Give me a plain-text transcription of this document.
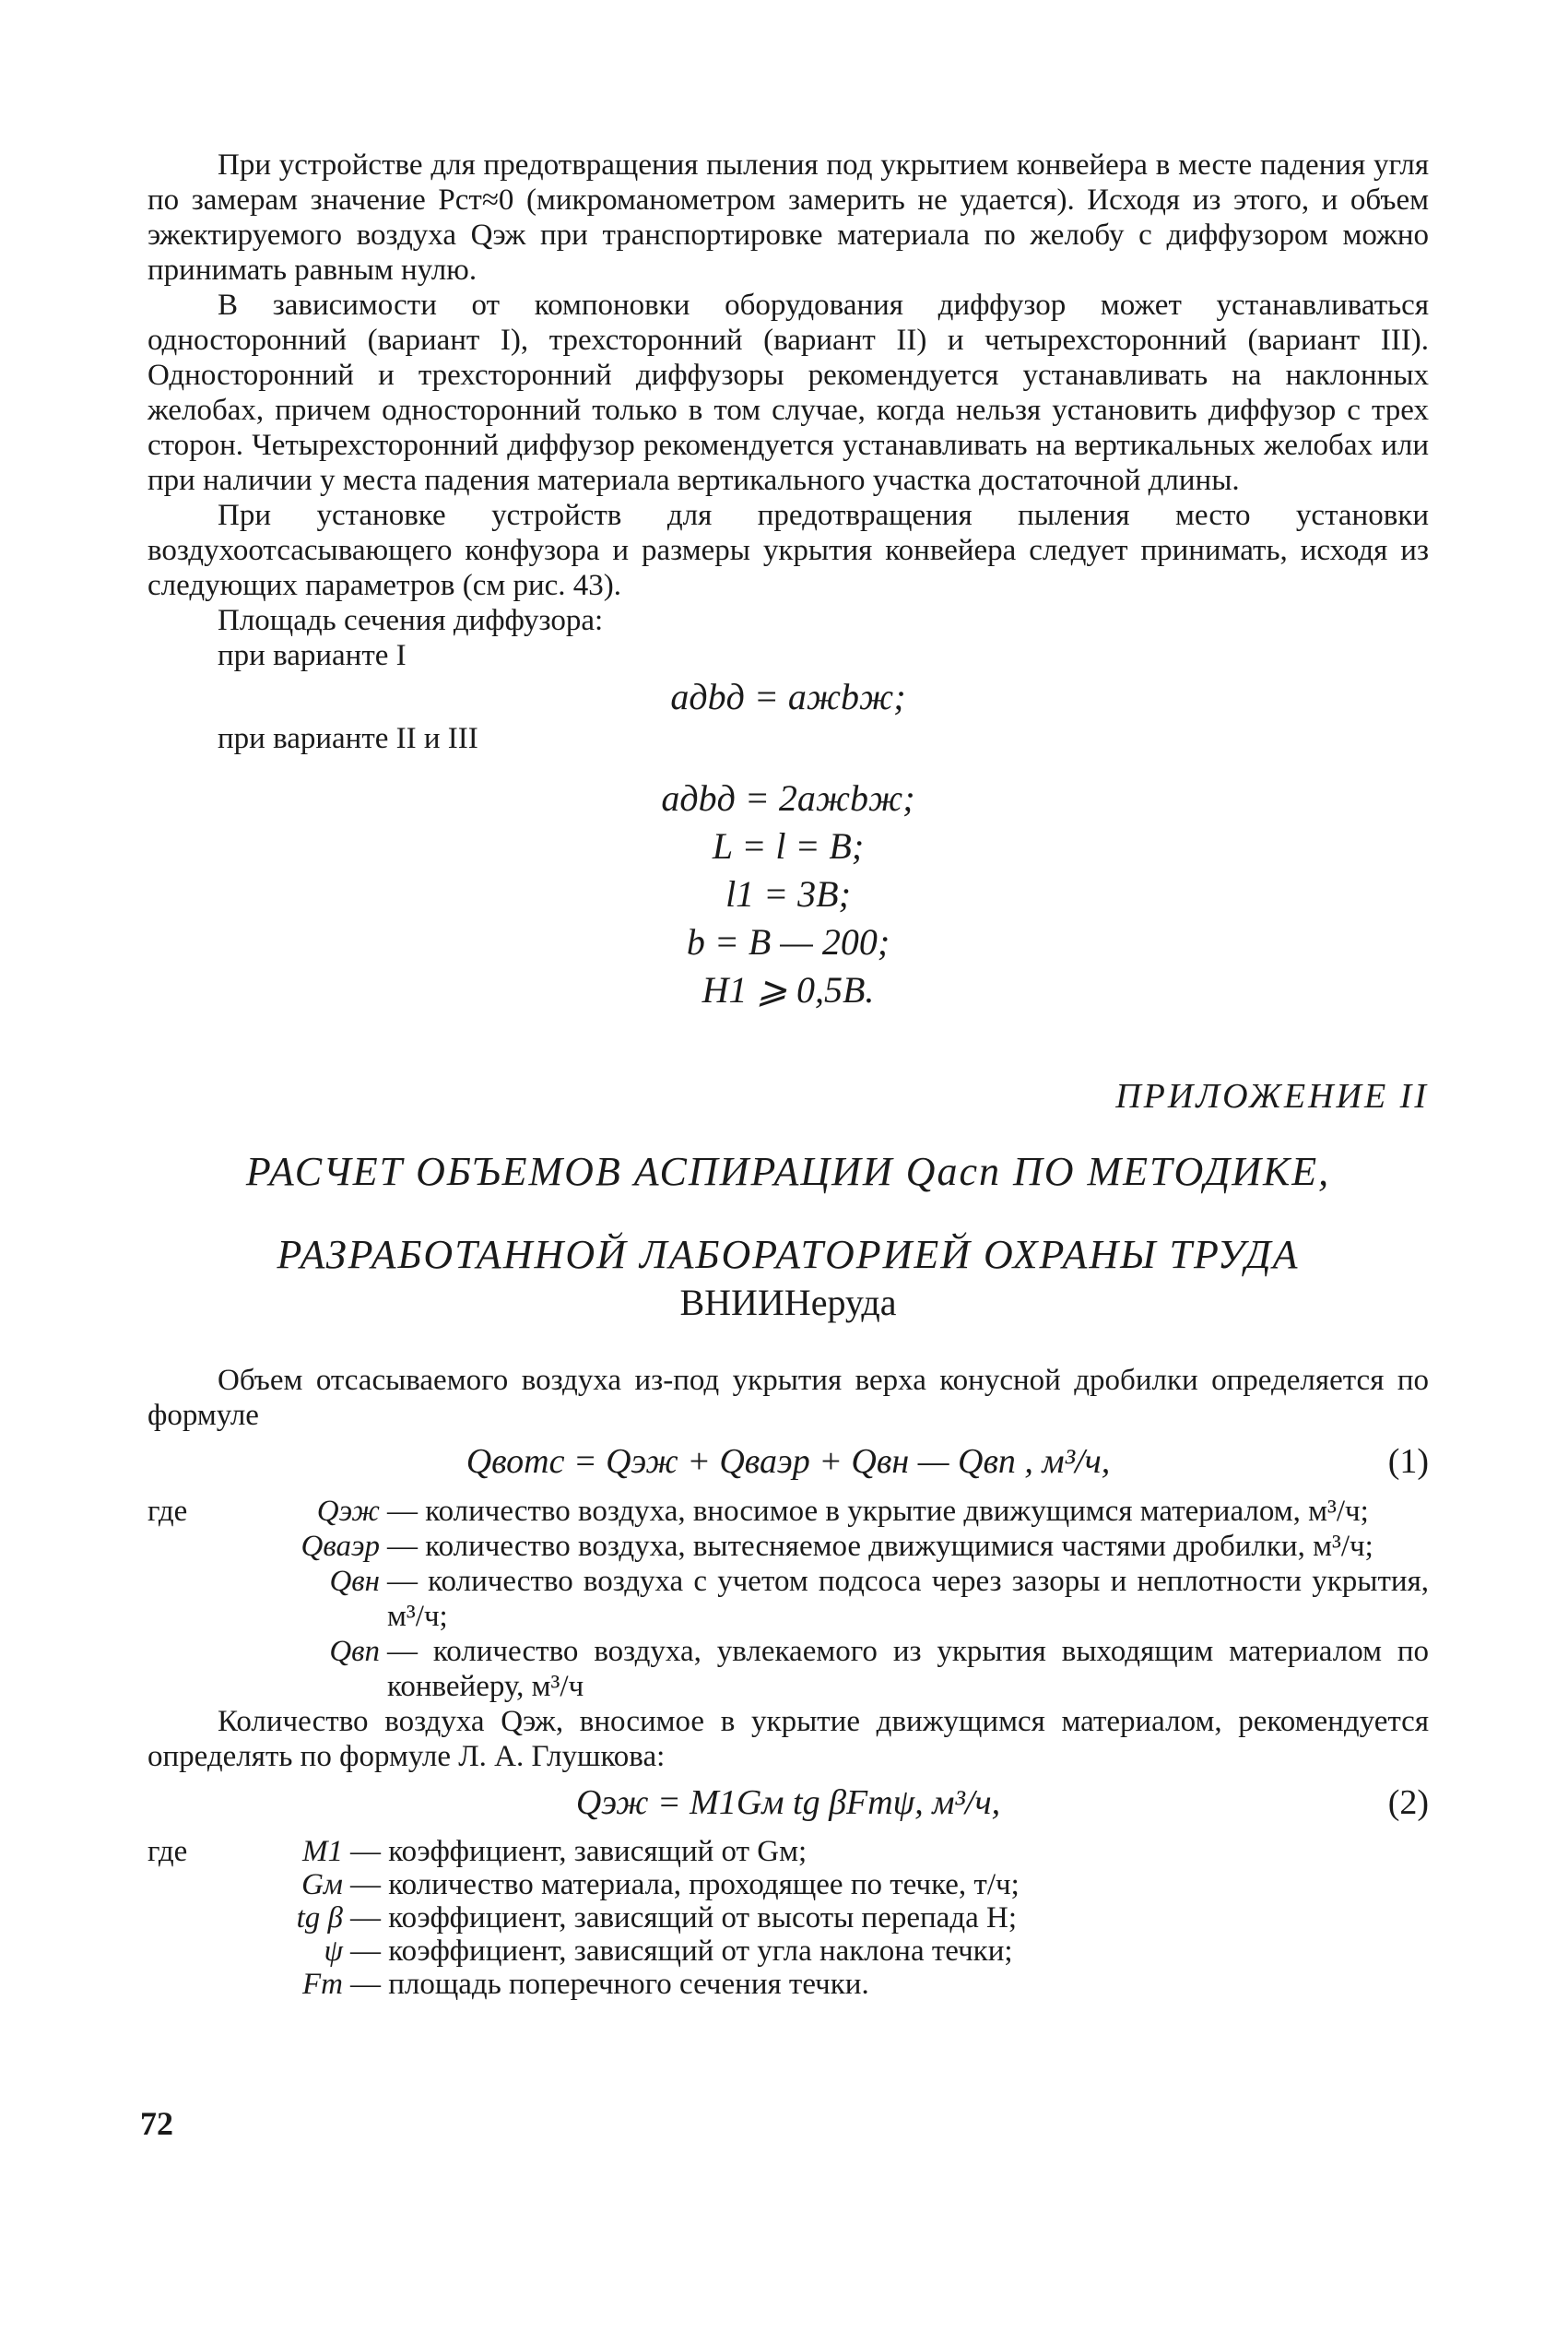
При устройстве для предотвращения пыления под укрытием конвейера в месте падения угля по замерам значение Pст≈0 (микроманометром замерить не удается). Исходя из этого, и объем эжектируемого воздуха Qэж при транспортировке материала по желобу с диффузором можно принимать равным нулю.

В зависимости от компоновки оборудования диффузор может устанавливаться односторонний (вариант I), трехсторонний (вариант II) и четырехсторонний (вариант III). Односторонний и трехсторонний диффузоры рекомендуется устанавливать на наклонных желобах, причем односторонний только в том случае, когда нельзя установить диффузор с трех сторон. Четырехсторонний диффузор рекомендуется устанавливать на вертикальных желобах или при наличии у места падения материала вертикального участка достаточной длины.

При установке устройств для предотвращения пыления место установки воздухоотсасывающего конфузора и размеры укрытия конвейера следует принимать, исходя из следующих параметров (см рис. 43).

Площадь сечения диффузора:

при варианте I

aдbд = aжbж;

при варианте II и III

aдbд = 2aжbж;
L = l = B;
l1 = 3B;
b = B — 200;
H1 ⩾ 0,5B.
ПРИЛОЖЕНИЕ II
РАСЧЕТ ОБЪЕМОВ АСПИРАЦИИ Qасп ПО МЕТОДИКЕ,
РАЗРАБОТАННОЙ ЛАБОРАТОРИЕЙ ОХРАНЫ ТРУДА
ВНИИНеруда

Объем отсасываемого воздуха из-под укрытия верха конусной дробилки определяется по формуле

Qвотс = Qэж + Qваэр + Qвн — Qвп , м³/ч,	(1)
где	Qэж — количество воздуха, вносимое в укрытие движущимся материалом, м³/ч;
Qваэр — количество воздуха, вытесняемое движущимися частями дробилки, м³/ч;
Qвн — количество воздуха с учетом подсоса через зазоры и неплотности укрытия, м³/ч;
Qвп — количество воздуха, увлекаемого из укрытия выходящим материалом по конвейеру, м³/ч

Количество воздуха Qэж, вносимое в укрытие движущимся материалом, рекомендуется определять по формуле Л. А. Глушкова:

Qэж = M1Gм tg βFmψ, м³/ч,	(2)
где	M1 — коэффициент, зависящий от Gм;
Gм — количество материала, проходящее по течке, т/ч;
tg β — коэффициент, зависящий от высоты перепада H;
ψ — коэффициент, зависящий от угла наклона течки;
Fm — площадь поперечного сечения течки.
72
